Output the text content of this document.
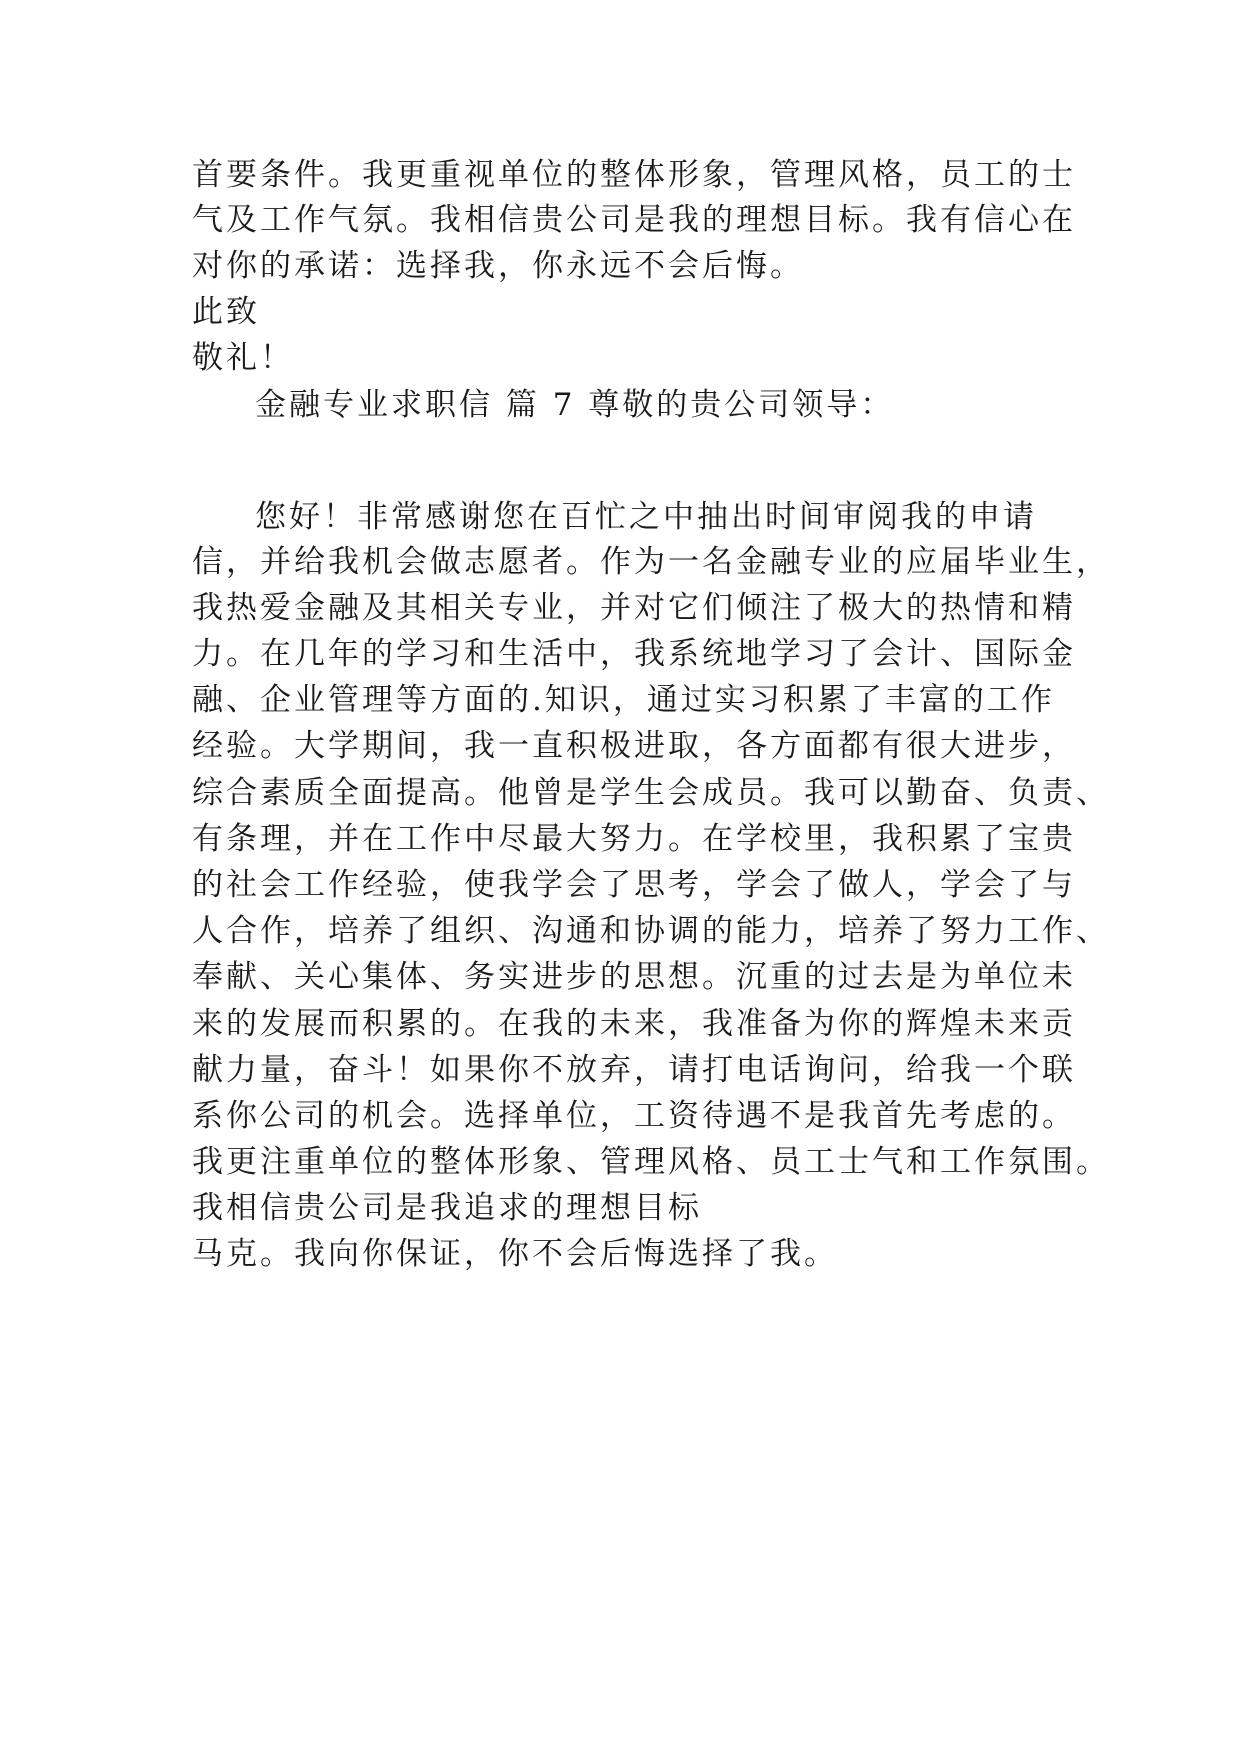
首要条件。我更重视单位的整体形象，管理风格，员工的士
气及工作气氛。我相信贵公司是我的理想目标。我有信心在
对你的承诺：选择我，你永远不会后悔。
此致
敬礼！
金融专业求职信 篇 7 尊敬的贵公司领导：
您好！非常感谢您在百忙之中抽出时间审阅我的申请
信，并给我机会做志愿者。作为一名金融专业的应届毕业生，
我热爱金融及其相关专业，并对它们倾注了极大的热情和精
力。在几年的学习和生活中，我系统地学习了会计、国际金
融、企业管理等方面的.知识，通过实习积累了丰富的工作
经验。大学期间，我一直积极进取，各方面都有很大进步，
综合素质全面提高。他曾是学生会成员。我可以勤奋、负责、
有条理，并在工作中尽最大努力。在学校里，我积累了宝贵
的社会工作经验，使我学会了思考，学会了做人，学会了与
人合作，培养了组织、沟通和协调的能力，培养了努力工作、
奉献、关心集体、务实进步的思想。沉重的过去是为单位未
来的发展而积累的。在我的未来，我准备为你的辉煌未来贡
献力量，奋斗！如果你不放弃，请打电话询问，给我一个联
系你公司的机会。选择单位，工资待遇不是我首先考虑的。
我更注重单位的整体形象、管理风格、员工士气和工作氛围。
我相信贵公司是我追求的理想目标
马克。我向你保证，你不会后悔选择了我。
